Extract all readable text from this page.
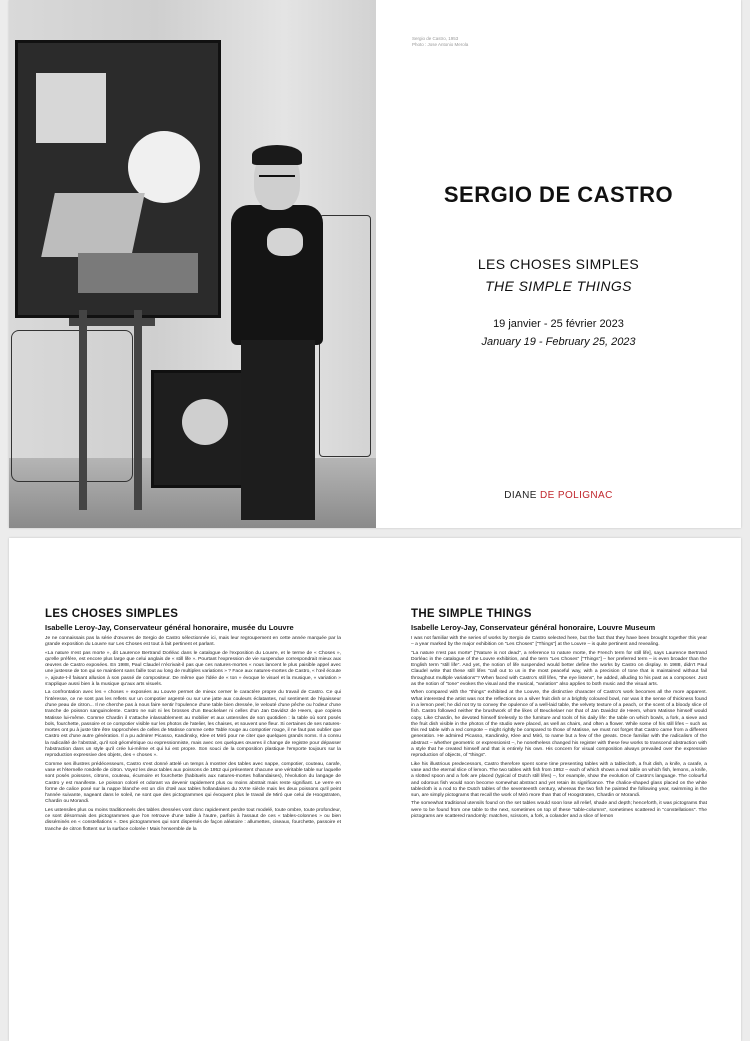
Sergio de Castro, 1953
Photo : Jose Antonio Merola
SERGIO DE CASTRO
LES CHOSES SIMPLES
THE SIMPLE THINGS
19 janvier - 25 février 2023
January 19 - February 25, 2023
DIANE DE POLIGNAC
LES CHOSES SIMPLES
Isabelle Leroy-Jay, Conservateur général honoraire, musée du Louvre

Je ne connaissais pas la série d'œuvres de Sergio de Castro sélectionnée ici, mais leur regroupement en cette année marquée par la grande exposition du Louvre sur Les Choses est tout à fait pertinent et parlant.

«La nature n'est pas morte », dit Laurence Bertrand Dorléac dans le catalogue de l'exposition du Louvre, et le terme de « Choses », qu'elle préfère, est encore plus large que celui anglais de « still life ». Pourtant l'expression de vie suspendue correspondrait mieux aux œuvres de Castro exposées. En 1988, Paul Claudel n'écrivait-il pas que ces natures-mortes « nous lancent le plus paisible appel avec une justesse de ton qui se maintient sans faille tout au long de multiples variations » ? Face aux natures-mortes de Castro, « l'œil écoute », ajoute-t-il faisant allusion à son passé de compositeur. De même que l'idée de « ton » évoque le visuel et la musique, « variation » s'applique aussi bien à la musique qu'aux arts visuels.

La confrontation avec les « choses » exposées au Louvre permet de mieux cerner le caractère propre du travail de Castro. Ce qui l'intéresse, ce ne sont pas les reflets sur un compotier argenté ou sur une jatte aux couleurs éclatantes, nul sentiment de l'épaisseur d'une peau de citron... Il ne cherche pas à nous faire sentir l'opulence d'une table bien dressée, le velouté d'une pêche ou l'odeur d'une tranche de poisson sanguinolente. Castro ne suit ni les brosses d'un Beuckelaer ni celles d'un Jan Davidsz de Heem, que copiera Matisse lui-même. Comme Chardin il s'attache inlassablement au mobilier et aux ustensiles de son quotidien : la table où sont posés bols, fourchette, passoire et ce compotier visible sur les photos de l'atelier, les chaises, et souvent une fleur. Si certaines de ses natures-mortes ont pu à juste titre être rapprochées de celles de Matisse comme cette Table rouge au compotier rouge, il ne faut pas oublier que Castro est d'une autre génération. Il a pu admirer Picasso, Kandinsky, Klee et Miró pour ne citer que quelques grands noms. Il a connu la radicalité de l'abstrait, qu'il soit géométrique ou expressionniste, mais avec ces quelques œuvres il change de registre pour dépasser l'abstraction dans un style qu'il crée lui-même et qui lui est propre. Son souci de la composition plastique l'emporte toujours sur la reproduction expressive des objets, des « choses ».

Comme ses illustres prédécesseurs, Castro s'est donné attelé un temps à montrer des tables avec nappe, compotier, couteau, carafe, vase et l'éternelle rondelle de citron. Voyez les deux tables aux poissons de 1952 qui présentent chacune une véritable table sur laquelle sont posés poissons, citrons, couteau, écumoire et fourchette (habituels aux natures-mortes hollandaises), l'évolution du langage de Castro y est manifeste. Le poisson coloré et odorant va devenir rapidement plus ou moins abstrait mais reste signifiant. Le verre en forme de calice posé sur la nappe blanche est un clin d'œil aux tables hollandaises du XVIIe siècle mais les deux poissons qu'il peint l'année suivante, nageant dans le soleil, ne sont que des pictogrammes qui évoquent plus le travail de Miró que celui de Hoogstraten, Chardin ou Morandi.

Les ustensiles plus ou moins traditionnels des tables dressées vont donc rapidement perdre tout modelé, toute ombre, toute profondeur, ce sont désormais des pictogrammes que l'on retrouve d'une table à l'autre, parfois à l'assaut de ces « tables-colonnes » ou bien disséminés en « constellations ». Des pictogrammes qui sont dispersés de façon aléatoire : allumettes, ciseaux, fourchette, passoire et tranche de citron flottent sur la surface colorée ! Mais l'ensemble de la

THE SIMPLE THINGS
Isabelle Leroy-Jay, Conservateur général honoraire, Louvre Museum

I was not familiar with the series of works by Sergio de Castro selected here, but the fact that they have been brought together this year – a year marked by the major exhibition on "Les Choses" ["Things"] at the Louvre – is quite pertinent and revealing.

"La nature n'est pas morte" ["Nature is not dead", a reference to nature morte, the French term for still life], says Laurence Bertrand Dorléac in the catalogue of the Louvre exhibition, and the term "Les Choses" ["Things"] – her preferred term – is even broader than the English term "still life". And yet, the notion of life suspended would better define the works by Castro on display. In 1988, didn't Paul Claudel write that these still lifes "call out to us in the most peaceful way, with a precision of tone that is maintained without fail throughout multiple variations"? When faced with Castro's still lifes, "the eye listens", he added, alluding to his past as a composer. Just as the notion of "tone" evokes the visual and the musical, "variation" also applies to both music and the visual arts.

When compared with the "things" exhibited at the Louvre, the distinctive character of Castro's work becomes all the more apparent. What interested the artist was not the reflections on a silver fruit dish or a brightly coloured bowl, nor was it the sense of thickness found in a lemon peel; he did not try to convey the opulence of a well-laid table, the velvety texture of a peach, or the scent of a bloody slice of fish. Castro followed neither the brushwork of the likes of Beuckelaer nor that of Jan Davidsz de Heem, whom Matisse himself would copy. Like Chardin, he devoted himself tirelessly to the furniture and tools of his daily life: the table on which bowls, a fork, a sieve and the fruit dish visible in the photos of the studio were placed, as well as chairs, and often a flower. While some of his still lifes – such as this red table with a red compote – might rightly be compared to those of Matisse, we must not forget that Castro came from a different generation. He admired Picasso, Kandinsky, Klee and Miró, to name but a few of the greats. Once familiar with the radicalism of the abstract – whether geometric or expressionist –, he nonetheless changed his register with these few works to transcend abstraction with a style that he created himself and that is entirely his own. His concern for visual composition always prevailed over the expressive reproduction of objects, of "things".

Like his illustrious predecessors, Castro therefore spent some time presenting tables with a tablecloth, a fruit dish, a knife, a carafe, a vase and the eternal slice of lemon. The two tables with fish from 1952 – each of which shows a real table on which fish, lemons, a knife, a slotted spoon and a fork are placed (typical of Dutch still lifes) –, for example, show the evolution of Castro's language. The colourful and odorous fish would soon become somewhat abstract and yet retain its significance. The chalice-shaped glass placed on the white tablecloth is a nod to the Dutch tables of the seventeenth century, whereas the two fish he painted the following year, swimming in the sun, are simply pictograms that recall the work of Miró more than that of Hoogstraten, Chardin or Morandi.

The somewhat traditional utensils found on the set tables would soon lose all relief, shade and depth; henceforth, it was pictograms that were to be found from one table to the next, sometimes on top of these "table-columns", sometimes scattered in "constellations". The pictograms are scattered randomly: matches, scissors, a fork, a colander and a slice of lemon
